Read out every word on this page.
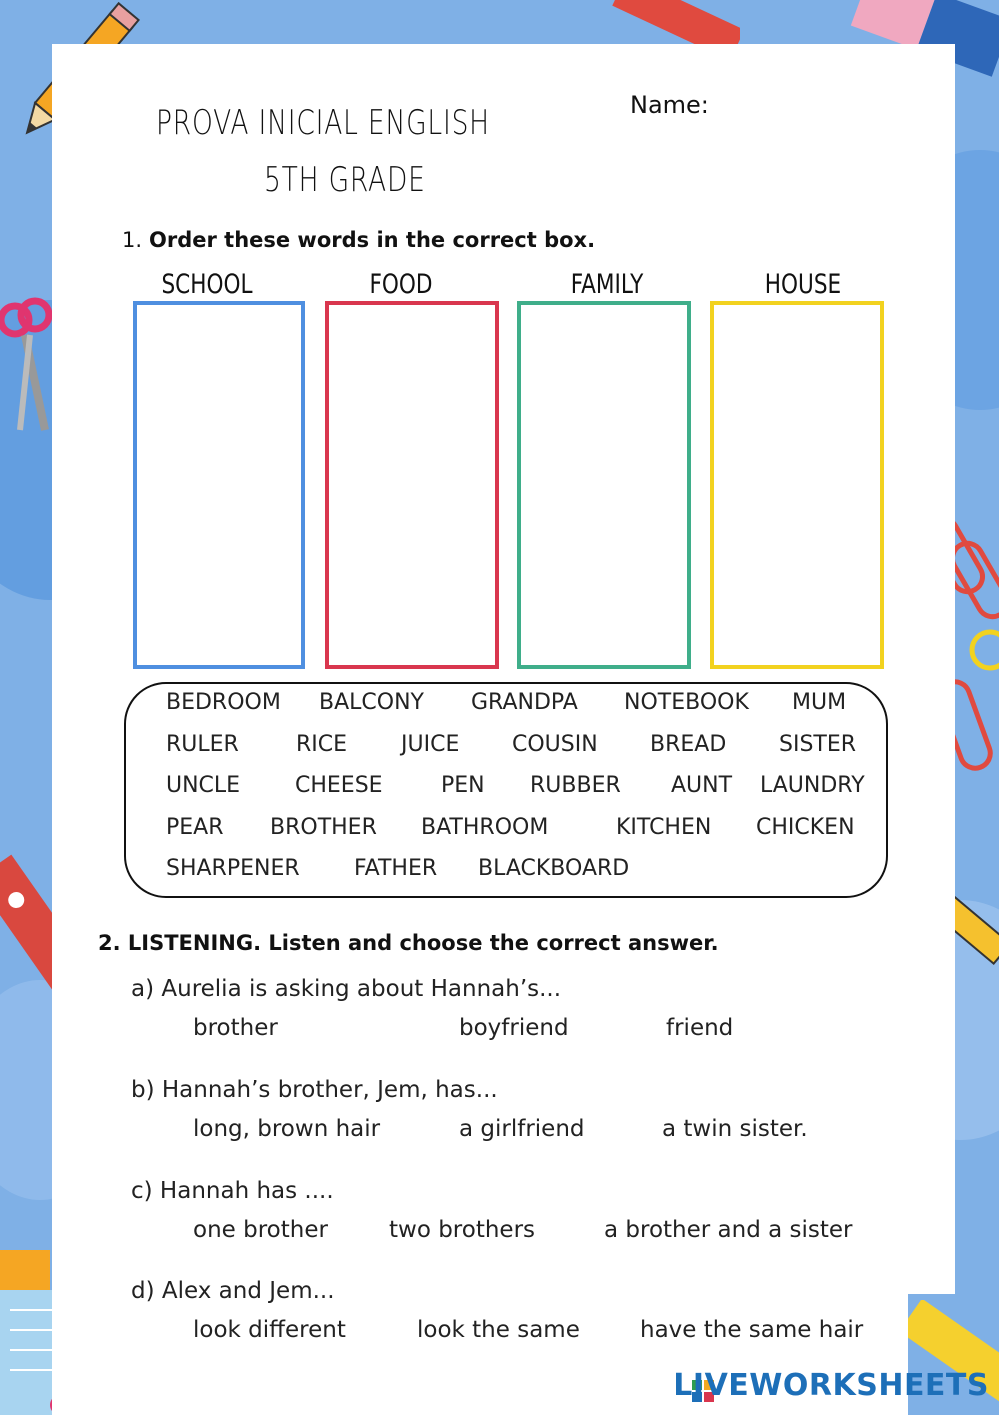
PROVA INICIAL ENGLISH
5TH GRADE
Name:
1. Order these words in the correct box.
SCHOOL	FOOD	FAMILY	HOUSE
BEDROOM BALCONY GRANDPA NOTEBOOK MUM
RULER	RICE JUICE COUSIN BREAD SISTER
UNCLE CHEESE	PEN RUBBER AUNT LAUNDRY
PEAR BROTHER BATHROOM	KITCHEN CHICKEN
SHARPENER FATHER BLACKBOARD
2. LISTENING. Listen and choose the correct answer.
a) Aurelia is asking about Hannah’s...
brother	boyfriend	friend
b) Hannah’s brother, Jem, has...
long, brown hair	a girlfriend	a twin sister.
c) Hannah has ....
one brother	two brothers	a brother and a sister
d) Alex and Jem...
look different	look the same	have the same hair
LIVEWORKSHEETS
